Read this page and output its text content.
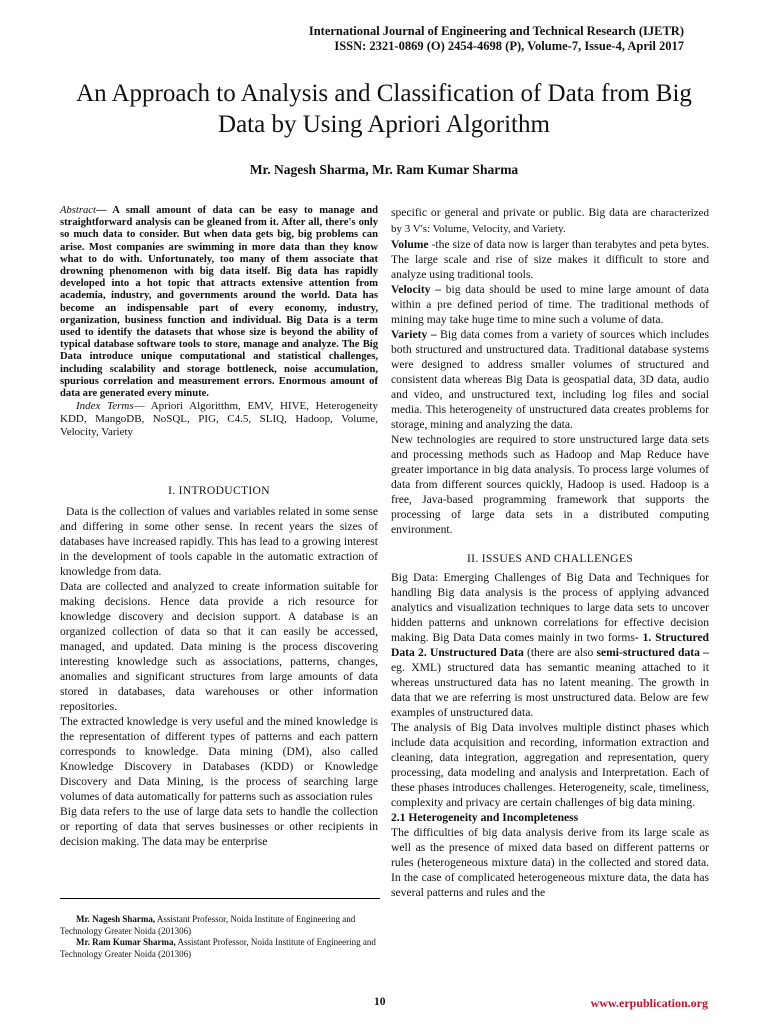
International Journal of Engineering and Technical Research (IJETR)
ISSN: 2321-0869 (O) 2454-4698 (P), Volume-7, Issue-4, April 2017
An Approach to Analysis and Classification of Data from Big Data by Using Apriori Algorithm
Mr. Nagesh Sharma, Mr. Ram Kumar Sharma

Abstract— A small amount of data can be easy to manage and straightforward analysis can be gleaned from it. After all, there's only so much data to consider. But when data gets big, big problems can arise. Most companies are swimming in more data than they know what to do with. Unfortunately, too many of them associate that drowning phenomenon with big data itself. Big data has rapidly developed into a hot topic that attracts extensive attention from academia, industry, and governments around the world. Data has become an indispensable part of every economy, industry, organization, business function and individual. Big Data is a term used to identify the datasets that whose size is beyond the ability of typical database software tools to store, manage and analyze. The Big Data introduce unique computational and statistical challenges, including scalability and storage bottleneck, noise accumulation, spurious correlation and measurement errors. Enormous amount of data are generated every minute.

Index Terms— Apriori Algoritthm, EMV, HIVE, Heterogeneity KDD, MangoDB, NoSQL, PIG, C4.5, SLIQ, Hadoop, Volume, Velocity, Variety

I. INTRODUCTION

Data is the collection of values and variables related in some sense and differing in some other sense. In recent years the sizes of databases have increased rapidly. This has lead to a growing interest in the development of tools capable in the automatic extraction of knowledge from data.

Data are collected and analyzed to create information suitable for making decisions. Hence data provide a rich resource for knowledge discovery and decision support. A database is an organized collection of data so that it can easily be accessed, managed, and updated. Data mining is the process discovering interesting knowledge such as associations, patterns, changes, anomalies and significant structures from large amounts of data stored in databases, data warehouses or other information repositories.

The extracted knowledge is very useful and the mined knowledge is the representation of different types of patterns and each pattern corresponds to knowledge. Data mining (DM), also called Knowledge Discovery in Databases (KDD) or Knowledge Discovery and Data Mining, is the process of searching large volumes of data automatically for patterns such as association rules

Big data refers to the use of large data sets to handle the collection or reporting of data that serves businesses or other recipients in decision making. The data may be enterprise

specific or general and private or public. Big data are characterized by 3 V's: Volume, Velocity, and Variety.

Volume -the size of data now is larger than terabytes and peta bytes. The large scale and rise of size makes it difficult to store and analyze using traditional tools.

Velocity – big data should be used to mine large amount of data within a pre defined period of time. The traditional methods of mining may take huge time to mine such a volume of data.

Variety – Big data comes from a variety of sources which includes both structured and unstructured data. Traditional database systems were designed to address smaller volumes of structured and consistent data whereas Big Data is geospatial data, 3D data, audio and video, and unstructured text, including log files and social media. This heterogeneity of unstructured data creates problems for storage, mining and analyzing the data.

New technologies are required to store unstructured large data sets and processing methods such as Hadoop and Map Reduce have greater importance in big data analysis. To process large volumes of data from different sources quickly, Hadoop is used. Hadoop is a free, Java-based programming framework that supports the processing of large data sets in a distributed computing environment.

II. ISSUES AND CHALLENGES

Big Data: Emerging Challenges of Big Data and Techniques for handling Big data analysis is the process of applying advanced analytics and visualization techniques to large data sets to uncover hidden patterns and unknown correlations for effective decision making. Big Data Data comes mainly in two forms- 1. Structured Data 2. Unstructured Data (there are also semi-structured data – eg. XML) structured data has semantic meaning attached to it whereas unstructured data has no latent meaning. The growth in data that we are referring is most unstructured data. Below are few examples of unstructured data.

The analysis of Big Data involves multiple distinct phases which include data acquisition and recording, information extraction and cleaning, data integration, aggregation and representation, query processing, data modeling and analysis and Interpretation. Each of these phases introduces challenges. Heterogeneity, scale, timeliness, complexity and privacy are certain challenges of big data mining.

2.1 Heterogeneity and Incompleteness

The difficulties of big data analysis derive from its large scale as well as the presence of mixed data based on different patterns or rules (heterogeneous mixture data) in the collected and stored data. In the case of complicated heterogeneous mixture data, the data has several patterns and rules and the

Mr. Nagesh Sharma, Assistant Professor, Noida Institute of Engineering and Technology Greater Noida (201306)

Mr. Ram Kumar Sharma, Assistant Professor, Noida Institute of Engineering and Technology Greater Noida (201306)

10	www.erpublication.org
